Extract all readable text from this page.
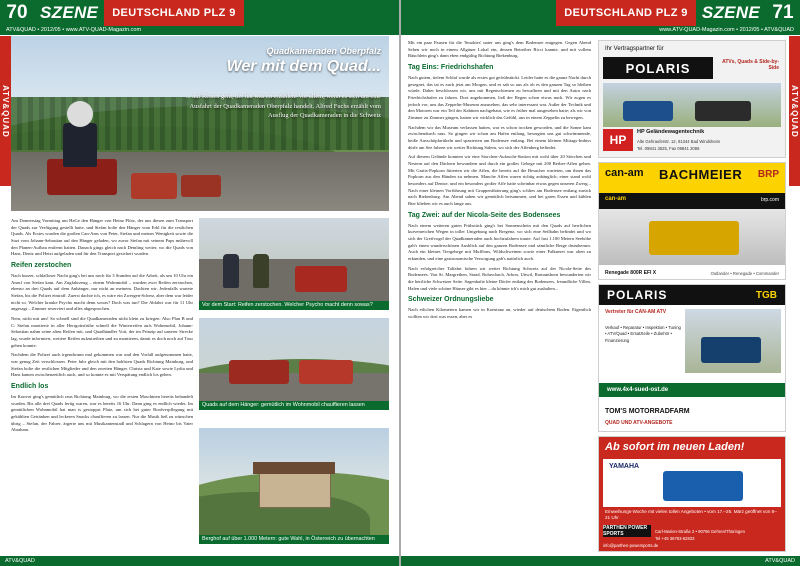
70 SZENE	DEUTSCHLAND PLZ 9
ATV&QUAD • 2012/05 • www.ATV-QUAD-Magazin.com
ATV&QUAD
Quadkameraden Oberpfalz
Wer mit dem Quad...
... auf Reisen geht, der hat was zu erzählen. Vor allem, wenn es sich um eine Ausfahrt der Quadkameraden Oberpfalz handelt. Alfred Fuchs erzählt vom Ausflug der Quadkameraden in die Schweiz

Am Donnerstag Vormittag um HaGe den Hänger von Heinz Plötz, der uns diesen zum Transport der Quads zur Verfügung gestellt hatte, und Stefan holte den Hänger vom Erbl für die restlichen Quads. Als Erstes wurden die großen Can-Ams von Peter, Stefan und meiner Wenigkeit sowie die Suzi vom Johann-Sebastian auf den Hänger geladen, wo zuvor Stefan mit seinem Paps mühevoll den Planen-Aufbau entfernt hatten. Danach gings gleich nach Demling weiter, wo die Quads von Hans, Deniz und Heizi aufgeladen und für den Transport gesichert wurden.

Reifen zerstochen

Nach kurzer, schlafloser Nacht ging's bei uns noch für 3 Stunden auf die Arbeit, als um 10 Uhr ein Anruf von Stefan kam. Am Zugfahrzeug – einem Wohnmobil – wurden zwei Reifen zerstochen, ebenso an drei Quads auf dem Anhänger, nur nicht an meinem. Dachten wir. Jedenfalls wartete Stefan, bis die Polizei eintraff. Zuerst dachte ich, es wäre ein Zwergen-Scherz, aber dem war leider nicht so. Welcher krauke Psycho macht denn sowas? Doch was tun? Die Abfahrt war für 11 Uhr angesagt – Zimmer reserviert und alles abgesprochen.

Nein, nicht mit uns! So schnell sind die Quadkameraden nicht klein zu kriegen. Also Plan B und C: Stefan montierte in aller Herrgottsfrühe schnell die Winterreifen aufs Wohnmobil, Johann-Sebastian nahm seine alten Reifen mit, und Quadhändler Voit, der im Prinzip auf unserer Strecke lag, wurde informiert, weitere Reifen aufzutreiben und zu montieren, damit es doch noch auf Tour gehen konnte.

Nachdem die Polizei auch irgendwann mal gekommen war und den Vorfall aufgenommen hatte, war genug Zeit verschlossen. Peter fuhr gleich mit den hohlsten Quads Richtung Mainburg, und Stefan holte die restlichen Mitglieder und den zweiten Hänger. Christa und Kate sowie Lydia und Hans kamen zwischenzeitlich auch, und so konnte es mit Verspätung endlich los gehen.

Endlich los

Im Konvoi ging's gemütlich raus Richtung Mainburg, wo die ersten Maschinen bereits behandelt wurden. Bis alle drei Quads fertig waren, war es bereits 16 Uhr. Dann ging es endlich wieder. Im gemütlichen Wohnmobil hat man is gestoppst Platz, um sich bei guter Bordverpflegung mit gekühlten Getränken und leckeren Snacks chauffieren zu lassen. Nur die Musik ließ zu wünschen übrig – Stefan, der Fahrer, ärgerte uns mit Musikantenstadl und Schlagern von Heino bis Vater Abraham.

Vor dem Start: Reifen zerstochen. Welcher Psycho macht denn sowas?
Quads auf dem Hänger: gemütlich im Wohnmobil chauffieren lassen
Berghof auf über 1.000 Metern: gute Wahl, in Österreich zu übernachten
ATV&QUAD
DEUTSCHLAND PLZ 9 SZENE 71
www.ATV-QUAD-Magazin.com • 2012/05 • ATV&QUAD
ATV&QUAD

Mit ein paar Pausen für die 'Smokies' unter uns ging's dem Bodensee entgegen. Gegen Abend Sehen wir noch in einem Allgäuer Lokal ein, dessen Betreiber Ricci kannte, und mit vollem Bäuchlein ging's dann eben endgültig Richtung Riekenburg.

Tag Eins: Friedrichshafen

Nach gutem, tiefem Schlaf wurde als erstes gut gefrühstückt. Leider hatte es die gaunz Nacht durch gesegnet, das tat es auch jetzt am Morgen, und es sah so aus als ob es den ganzen Tag so bleiben würde. Daher beschlossen wir, uns mit Regenschirmen zu bewaffnen und mit den Autos nach Friedrichshafen zu fahren. Dort angekommen, ließ der Regen schon etwas nach. Wir zogen es jedoch vor, uns das Zeppelin-Museum anzusehen, das sehr interessant war. Außer der Technik und den Motoren war ein Teil der Kabinen nachgebaut, wie es früher mal ausgesehen hatte; als wir von Zimmer zu Zimmer gingen, hatten wir wirklich das Gefühl, uns in einem Zeppelin zu bewegen.

Nachdem wir das Museum verlassen hatten, war es schon trocken geworden, und die Sonne kam zwischendurch raus. So gingen wir schon am Hafen entlang, besorgten uns gut schwimmende, heiße Ausschöpfartikeln und spazierten am Bodensee entlang. Bei einem kleinen Mittags-Imbiss dürfe am See fuhren wir weiter Richtung Salem, wo sich der Affenberg befindet.

Auf diesem Gelände konnten wir eine Storchen-Aufzucht-Station mit wohl über 20 Störchen und Nestern auf den Dächern bewundern und durch ein großes Gehege mit 200 Berber-Affen gehen. Mit Gratis-Popkorn fütterten wir die Affen, die bereits auf die Besucher warteten, um ihnen das Popkorn aus den Händen zu nehmen. Manche Affen waren richtig anhänglich; einer stand wohl besonders auf Denise, und ein besonders großer Affe hatte scheinbar etwas gegen unseren Zwerg... Nach einer kleinen Vorführung mit Gruppenfütterung ging's schlies am Bodensee entlang zurück nach Riekenburg. Am Abend sahen wir gemütlich beisammen, und bei garen Essen und kühlen Bier blieben wir es auch lange aus.

Tag Zwei: auf der Nicola-Seite des Bodensees

Nach einem weiteren guten Frühstück ging's bei Sonnenschein mit den Quads auf herrlichen kurvenreichen Wegen in toller Umgebung nach Bregenz, wo sich eine Seilbahn befindet und wo sich der Greifvogel der Quadkameraden auch hochzufahren traute. Auf fast 1.100 Metern Seehöhe gab's einen wunderschönen Ausblick auf den ganzen Bodensee und sämtliche Berge drumherum. Auch ein kleines Tiergehege mit Mufflons, Wildschweinen sowie einer Falknerei war oben zu erkunden, und eine gastronomische Versorgung gab's natürlich auch.

Nach erfolgreicher Talfahrt fuhren wir weiter Richtung Schweiz auf der Nicola-Seite des Bodensees. Von St. Margrethen, Staad, Rohrschach, Arbon, Uttwil, Romanshorn bewunderten wir die herrliche Schweizer Seite. Sagenhafte kleine Dörfer entlang des Bodensees, freundliche Villen, Hafen und viele schöne Häuser gibt es hier – da könnte ich's mich gut aushalten...

Schweizer Ordnungsliebe

Nach etlichen Kilometern kamen wir in Konstanz an, wieder auf deutschem Boden. Eigentlich wollten wir dort was essen, aber es

Ihr Vertragspartner für
POLARIS	ATVs, Quads & Side-by-Side
HP
HP Geländewagentechnik
Alte Gehrauferstr. 12, 91344 Bad Windsheim
Tel. 09841 3525, Fax 09841 2086
can-am BACHMEIER BRP
can-am	brp.com
Renegade 800R EFI X	Outlander • Renegade • Commander
POLARIS	TGB
Vertreter für CAN-AM ATV
Verkauf • Reparatur • Inspektion • Tuning • ATV/Quad • Ersatzteile • Zubehör • Finanzierung
www.4x4-sued-ost.de
TOM'S MOTORRADFARM
QUAD UND ATV-ANGEBOTE
Ab sofort im neuen Laden!
YAMAHA
Einweihungs-Woche mit vielen tollen Angeboten • vom 17.–25. März geöffnet von 8–21 Uhr
PARTHEN POWER SPORTS	Carl-Marien-Straße 2 • 90766 Gehren/Thüringen
Tel +49 36783-62833
info@parthen-powersports.de
ATV&QUAD
